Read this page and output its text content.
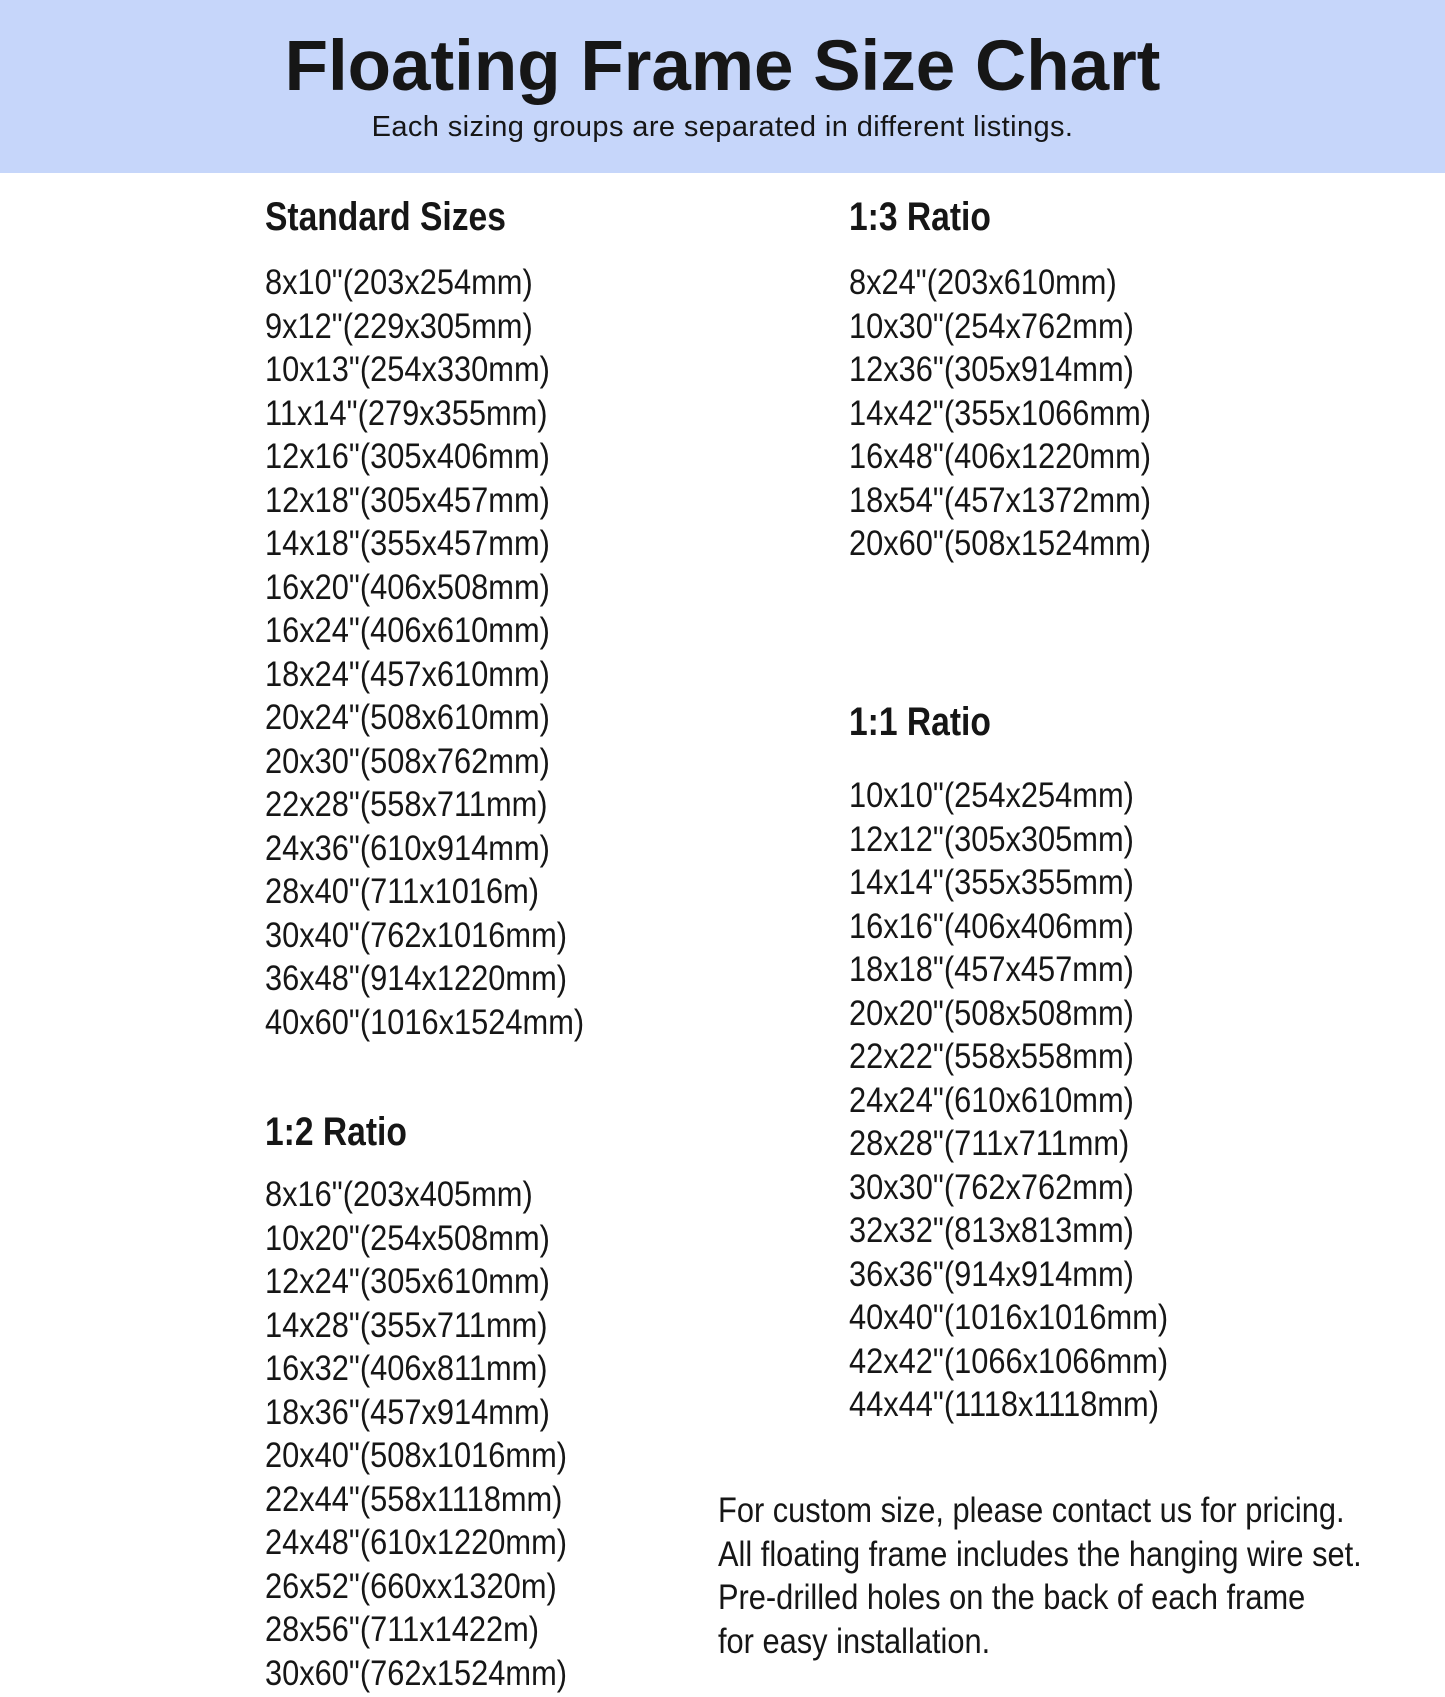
Floating Frame Size Chart

Each sizing groups are separated in different listings.

Standard Sizes
8x10"(203x254mm)
9x12"(229x305mm)
10x13"(254x330mm)
11x14"(279x355mm)
12x16"(305x406mm)
12x18"(305x457mm)
14x18"(355x457mm)
16x20"(406x508mm)
16x24"(406x610mm)
18x24"(457x610mm)
20x24"(508x610mm)
20x30"(508x762mm)
22x28"(558x711mm)
24x36"(610x914mm)
28x40"(711x1016m)
30x40"(762x1016mm)
36x48"(914x1220mm)
40x60"(1016x1524mm)
1:2 Ratio
8x16"(203x405mm)
10x20"(254x508mm)
12x24"(305x610mm)
14x28"(355x711mm)
16x32"(406x811mm)
18x36"(457x914mm)
20x40"(508x1016mm)
22x44"(558x1118mm)
24x48"(610x1220mm)
26x52"(660xx1320m)
28x56"(711x1422m)
30x60"(762x1524mm)
1:3 Ratio
8x24"(203x610mm)
10x30"(254x762mm)
12x36"(305x914mm)
14x42"(355x1066mm)
16x48"(406x1220mm)
18x54"(457x1372mm)
20x60"(508x1524mm)
1:1 Ratio
10x10"(254x254mm)
12x12"(305x305mm)
14x14"(355x355mm)
16x16"(406x406mm)
18x18"(457x457mm)
20x20"(508x508mm)
22x22"(558x558mm)
24x24"(610x610mm)
28x28"(711x711mm)
30x30"(762x762mm)
32x32"(813x813mm)
36x36"(914x914mm)
40x40"(1016x1016mm)
42x42"(1066x1066mm)
44x44"(1118x1118mm)
For custom size, please contact us for pricing.
All floating frame includes the hanging wire set.
Pre-drilled holes on the back of each frame
for easy installation.
